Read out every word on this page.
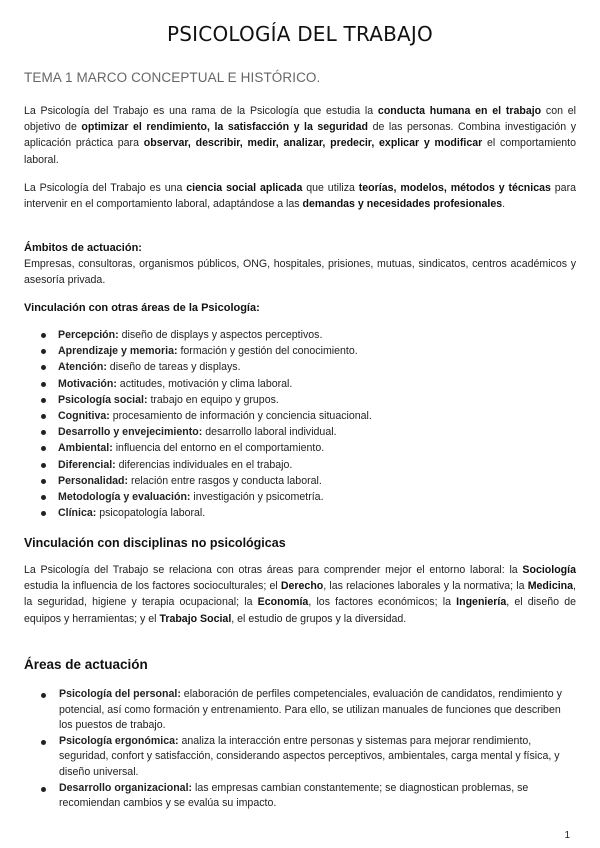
PSICOLOGÍA DEL TRABAJO
TEMA 1 MARCO CONCEPTUAL E HISTÓRICO.

La Psicología del Trabajo es una rama de la Psicología que estudia la conducta humana en el trabajo con el objetivo de optimizar el rendimiento, la satisfacción y la seguridad de las personas. Combina investigación y aplicación práctica para observar, describir, medir, analizar, predecir, explicar y modificar el comportamiento laboral.

La Psicología del Trabajo es una ciencia social aplicada que utiliza teorías, modelos, métodos y técnicas para intervenir en el comportamiento laboral, adaptándose a las demandas y necesidades profesionales.

Ámbitos de actuación:

Empresas, consultoras, organismos públicos, ONG, hospitales, prisiones, mutuas, sindicatos, centros académicos y asesoría privada.

Vinculación con otras áreas de la Psicología:
Percepción: diseño de displays y aspectos perceptivos.
Aprendizaje y memoria: formación y gestión del conocimiento.
Atención: diseño de tareas y displays.
Motivación: actitudes, motivación y clima laboral.
Psicología social: trabajo en equipo y grupos.
Cognitiva: procesamiento de información y conciencia situacional.
Desarrollo y envejecimiento: desarrollo laboral individual.
Ambiental: influencia del entorno en el comportamiento.
Diferencial: diferencias individuales en el trabajo.
Personalidad: relación entre rasgos y conducta laboral.
Metodología y evaluación: investigación y psicometría.
Clínica: psicopatología laboral.
Vinculación con disciplinas no psicológicas

La Psicología del Trabajo se relaciona con otras áreas para comprender mejor el entorno laboral: la Sociología estudia la influencia de los factores socioculturales; el Derecho, las relaciones laborales y la normativa; la Medicina, la seguridad, higiene y terapia ocupacional; la Economía, los factores económicos; la Ingeniería, el diseño de equipos y herramientas; y el Trabajo Social, el estudio de grupos y la diversidad.

Áreas de actuación
Psicología del personal: elaboración de perfiles competenciales, evaluación de candidatos, rendimiento y potencial, así como formación y entrenamiento. Para ello, se utilizan manuales de funciones que describen los puestos de trabajo.
Psicología ergonómica: analiza la interacción entre personas y sistemas para mejorar rendimiento, seguridad, confort y satisfacción, considerando aspectos perceptivos, ambientales, carga mental y física, y diseño universal.
Desarrollo organizacional: las empresas cambian constantemente; se diagnostican problemas, se recomiendan cambios y se evalúa su impacto.
1
